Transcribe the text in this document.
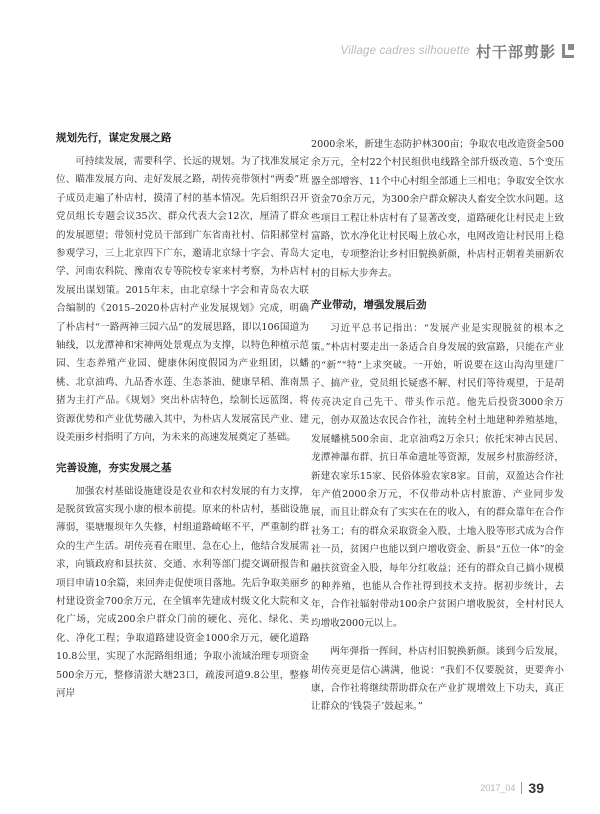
Village cadres silhouette 村干部剪影
规划先行，谋定发展之路

可持续发展，需要科学、长远的规划。为了找准发展定位、瞄准发展方向、走好发展之路，胡传亮带领村“两委”班子成员走遍了朴店村，摸清了村的基本情况。先后组织召开党员组长专题会议35次、群众代表大会12次，厘清了群众的发展愿望；带领村党员干部到广东省南社村、信阳郝堂村参观学习，三上北京四下广东，邀请北京绿十字会、青岛大学、河南农科院、豫南农专等院校专家来村考察，为朴店村发展出谋划策。2015年末，由北京绿十字会和青岛农大联合编制的《2015–2020朴店村产业发展规划》完成，明确了朴店村“一路两神三园六品”的发展思路，即以106国道为轴线，以龙潭神和宋神两处景观点为支撑，以特色种植示范园、生态养殖产业园、健康休闲度假园为产业组团，以蟠桃、北京油鸡、九品香水莲、生态茶油、健康旱稻、淮南黑猪为主打产品。《规划》突出朴店特色，绘制长远蓝图，将资源优势和产业优势融入其中，为朴店人发展富民产业、建设美丽乡村指明了方向，为未来的高速发展奠定了基础。

完善设施，夯实发展之基

加强农村基础设施建设是农业和农村发展的有力支撑，是脱贫致富实现小康的根本前提。原来的朴店村，基础设施薄弱，渠塘堰坝年久失修，村组道路崎岖不平，严重制约群众的生产生活。胡传亮看在眼里、急在心上，他结合发展需求，向镇政府和县扶贫、交通、水利等部门提交调研报告和项目申请10余篇，来回奔走促使项目落地。先后争取美丽乡村建设资金700余万元，在全镇率先建成村级文化大院和文化广场，完成200余户群众门前的硬化、亮化、绿化、美化、净化工程；争取道路建设资金1000余万元，硬化道路10.8公里，实现了水泥路组组通；争取小流域治理专项资金500余万元，整修清淤大塘23口，疏浚河道9.8公里，整修河岸

2000余米，新建生态防护林300亩；争取农电改造资金500余万元，全村22个村民组供电线路全部升级改造、5个变压器全部增容、11个中心村组全部通上三相电；争取安全饮水资金70余万元，为300余户群众解决人畜安全饮水问题。这些项目工程让朴店村有了显著改变，道路硬化让村民走上致富路，饮水净化让村民喝上放心水，电网改造让村民用上稳定电，专项整治让乡村旧貌换新颜，朴店村正朝着美丽新农村的目标大步奔去。

产业带动，增强发展后劲

习近平总书记指出：“发展产业是实现脱贫的根本之策。”朴店村要走出一条适合自身发展的致富路，只能在产业的“新”“特”上求突破。一开始，听说要在这山沟沟里建厂子、搞产业，党员组长疑惑不解、村民们等待观望，于是胡传亮决定自己先干、带头作示范。他先后投资3000余万元，创办双盈达农民合作社，流转全村土地建种养殖基地，发展蟠桃500余亩、北京油鸡2万余只；依托宋神古民居、龙潭神瀑布群、抗日革命遗址等资源，发展乡村旅游经济，新建农家乐15家、民俗体验农家8家。目前，双盈达合作社年产值2000余万元，不仅带动朴店村旅游、产业同步发展，而且让群众有了实实在在的收入，有的群众靠年在合作社务工；有的群众采取资金入股、土地入股等形式成为合作社一员，贫困户也能以到户增收资金、新县“五位一体”的金融扶贫资金入股，每年分红收益；还有的群众自己搞小规模的种养殖，也能从合作社得到技术支持。据初步统计，去年，合作社辐射带动100余户贫困户增收脱贫，全村村民人均增收2000元以上。

两年弹指一挥间，朴店村旧貌换新颜。谈到今后发展，胡传亮更是信心满满，他说：“我们不仅要脱贫，更要奔小康，合作社将继续帮助群众在产业扩规增效上下功夫，真正让群众的‘钱袋子’鼓起来。”

2017_04 39
